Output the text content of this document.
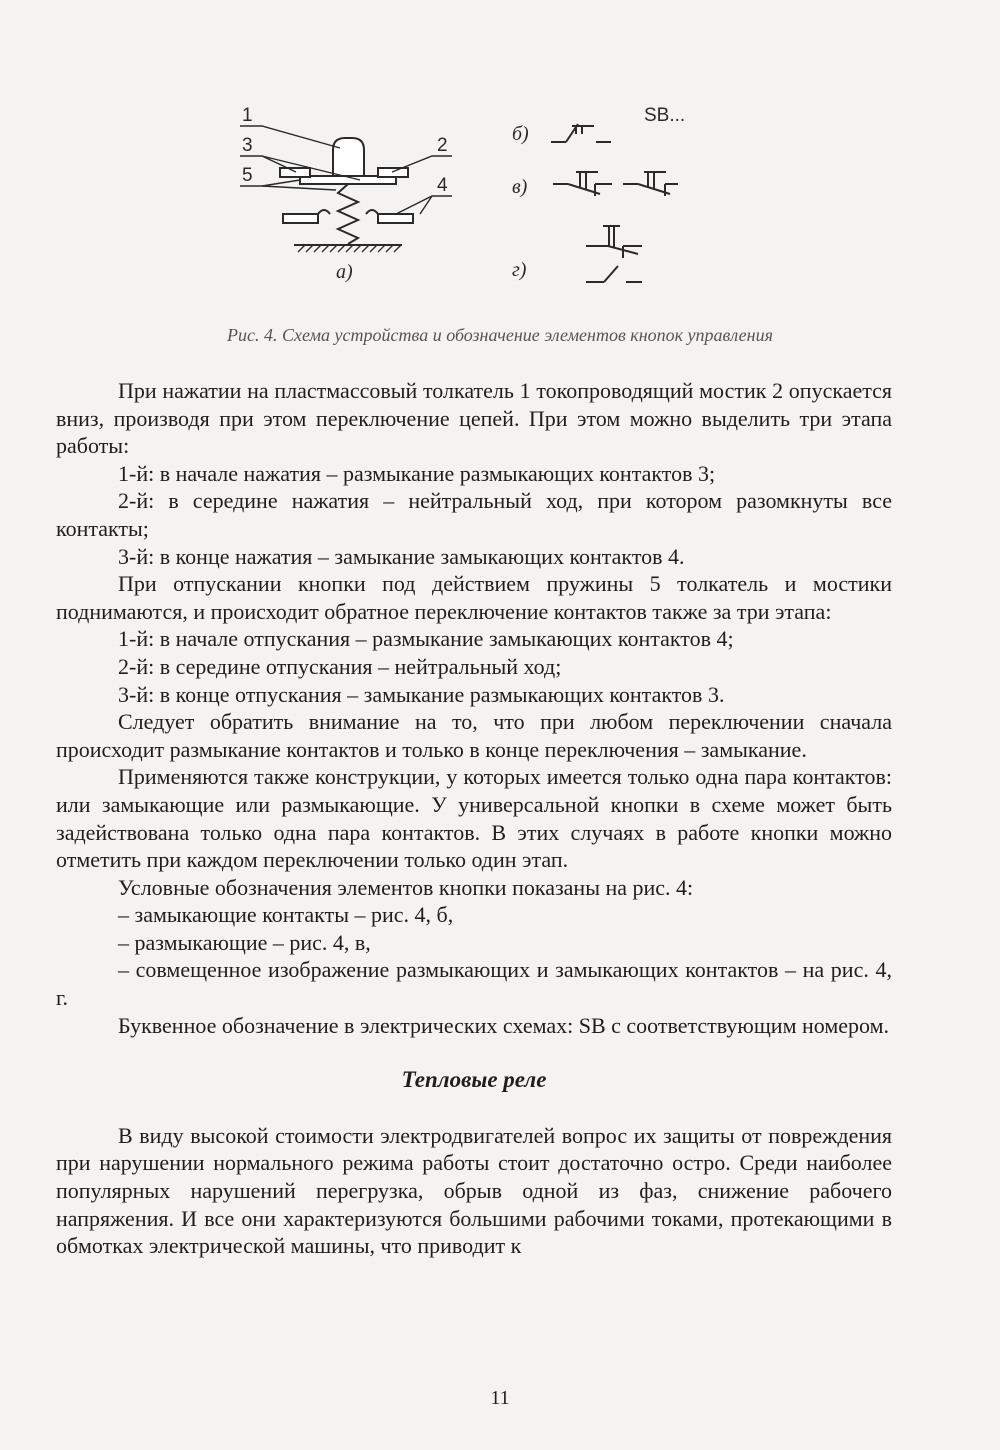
1
3	2
5	4
а)
б)
SB...
в)
г)
Рис. 4. Схема устройства и обозначение элементов кнопок управления

При нажатии на пластмассовый толкатель 1 токопроводящий мостик 2 опускается вниз, производя при этом переключение цепей. При этом можно выделить три этапа работы:

1-й: в начале нажатия – размыкание размыкающих контактов 3;

2-й: в середине нажатия – нейтральный ход, при котором разомкнуты все контакты;

3-й: в конце нажатия – замыкание замыкающих контактов 4.

При отпускании кнопки под действием пружины 5 толкатель и мостики поднимаются, и происходит обратное переключение контактов также за три этапа:

1-й: в начале отпускания – размыкание замыкающих контактов 4;

2-й: в середине отпускания – нейтральный ход;

3-й: в конце отпускания – замыкание размыкающих контактов 3.

Следует обратить внимание на то, что при любом переключении сначала происходит размыкание контактов и только в конце переключения – замыкание.

Применяются также конструкции, у которых имеется только одна пара контактов: или замыкающие или размыкающие. У универсальной кнопки в схеме может быть задействована только одна пара контактов. В этих случаях в работе кнопки можно отметить при каждом переключении только один этап.

Условные обозначения элементов кнопки показаны на рис. 4:

– замыкающие контакты – рис. 4, б,

– размыкающие – рис. 4, в,

– совмещенное изображение размыкающих и замыкающих контактов – на рис. 4, г.

Буквенное обозначение в электрических схемах: SB с соответствующим номером.

Тепловые реле

В виду высокой стоимости электродвигателей вопрос их защиты от повреждения при нарушении нормального режима работы стоит достаточно остро. Среди наиболее популярных нарушений перегрузка, обрыв одной из фаз, снижение рабочего напряжения. И все они характеризуются большими рабочими токами, протекающими в обмотках электрической машины, что приводит к

11
